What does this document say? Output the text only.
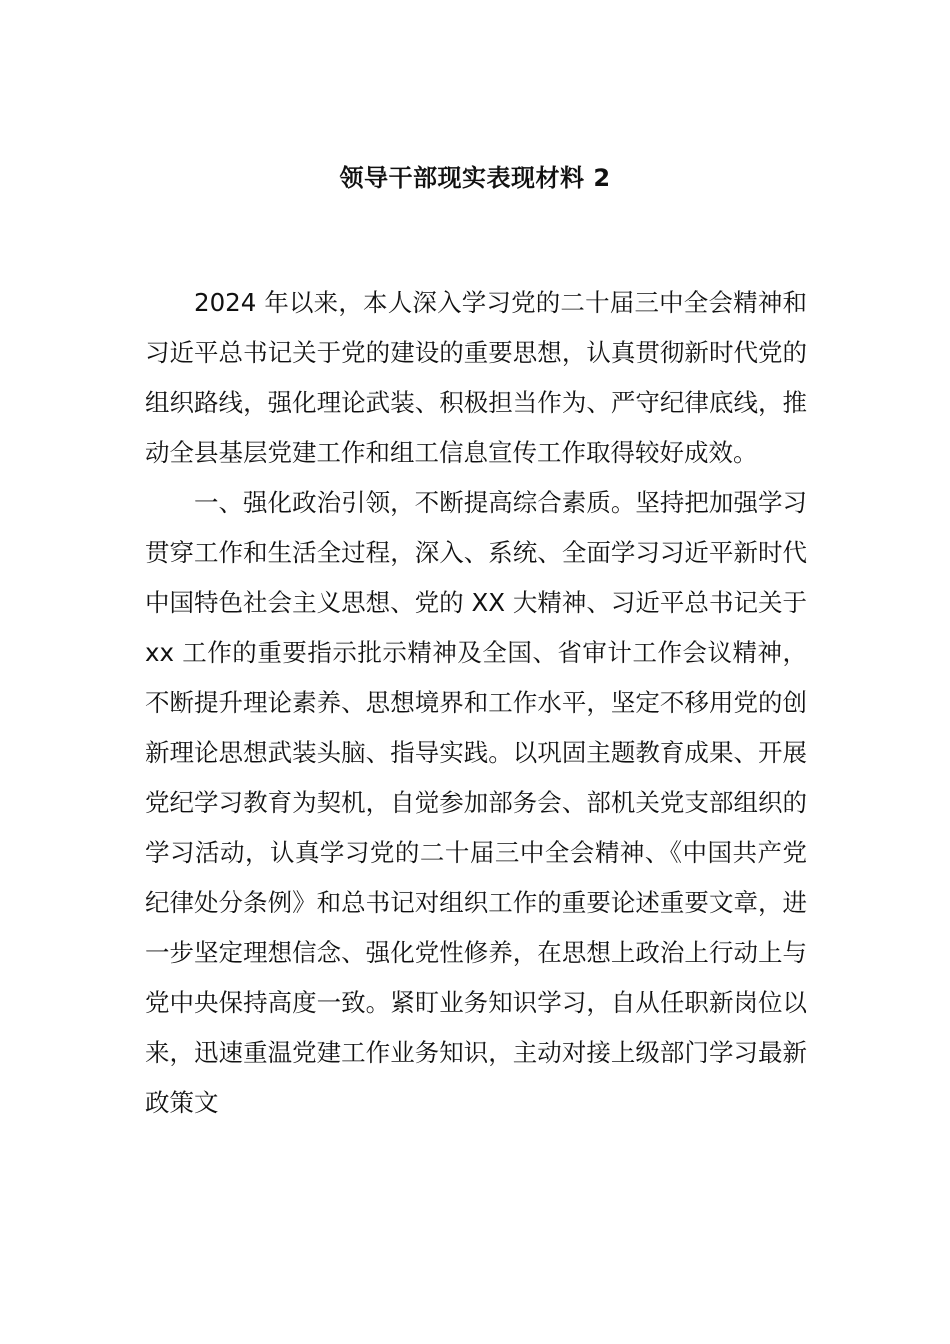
领导干部现实表现材料 2

2024 年以来，本人深入学习党的二十届三中全会精神和习近平总书记关于党的建设的重要思想，认真贯彻新时代党的组织路线，强化理论武装、积极担当作为、严守纪律底线，推动全县基层党建工作和组工信息宣传工作取得较好成效。

一、强化政治引领，不断提高综合素质。坚持把加强学习贯穿工作和生活全过程，深入、系统、全面学习习近平新时代中国特色社会主义思想、党的 XX 大精神、习近平总书记关于 xx 工作的重要指示批示精神及全国、省审计工作会议精神，不断提升理论素养、思想境界和工作水平，坚定不移用党的创新理论思想武装头脑、指导实践。以巩固主题教育成果、开展党纪学习教育为契机，自觉参加部务会、部机关党支部组织的学习活动，认真学习党的二十届三中全会精神、《中国共产党纪律处分条例》和总书记对组织工作的重要论述重要文章，进一步坚定理想信念、强化党性修养，在思想上政治上行动上与党中央保持高度一致。紧盯业务知识学习，自从任职新岗位以来，迅速重温党建工作业务知识，主动对接上级部门学习最新政策文
